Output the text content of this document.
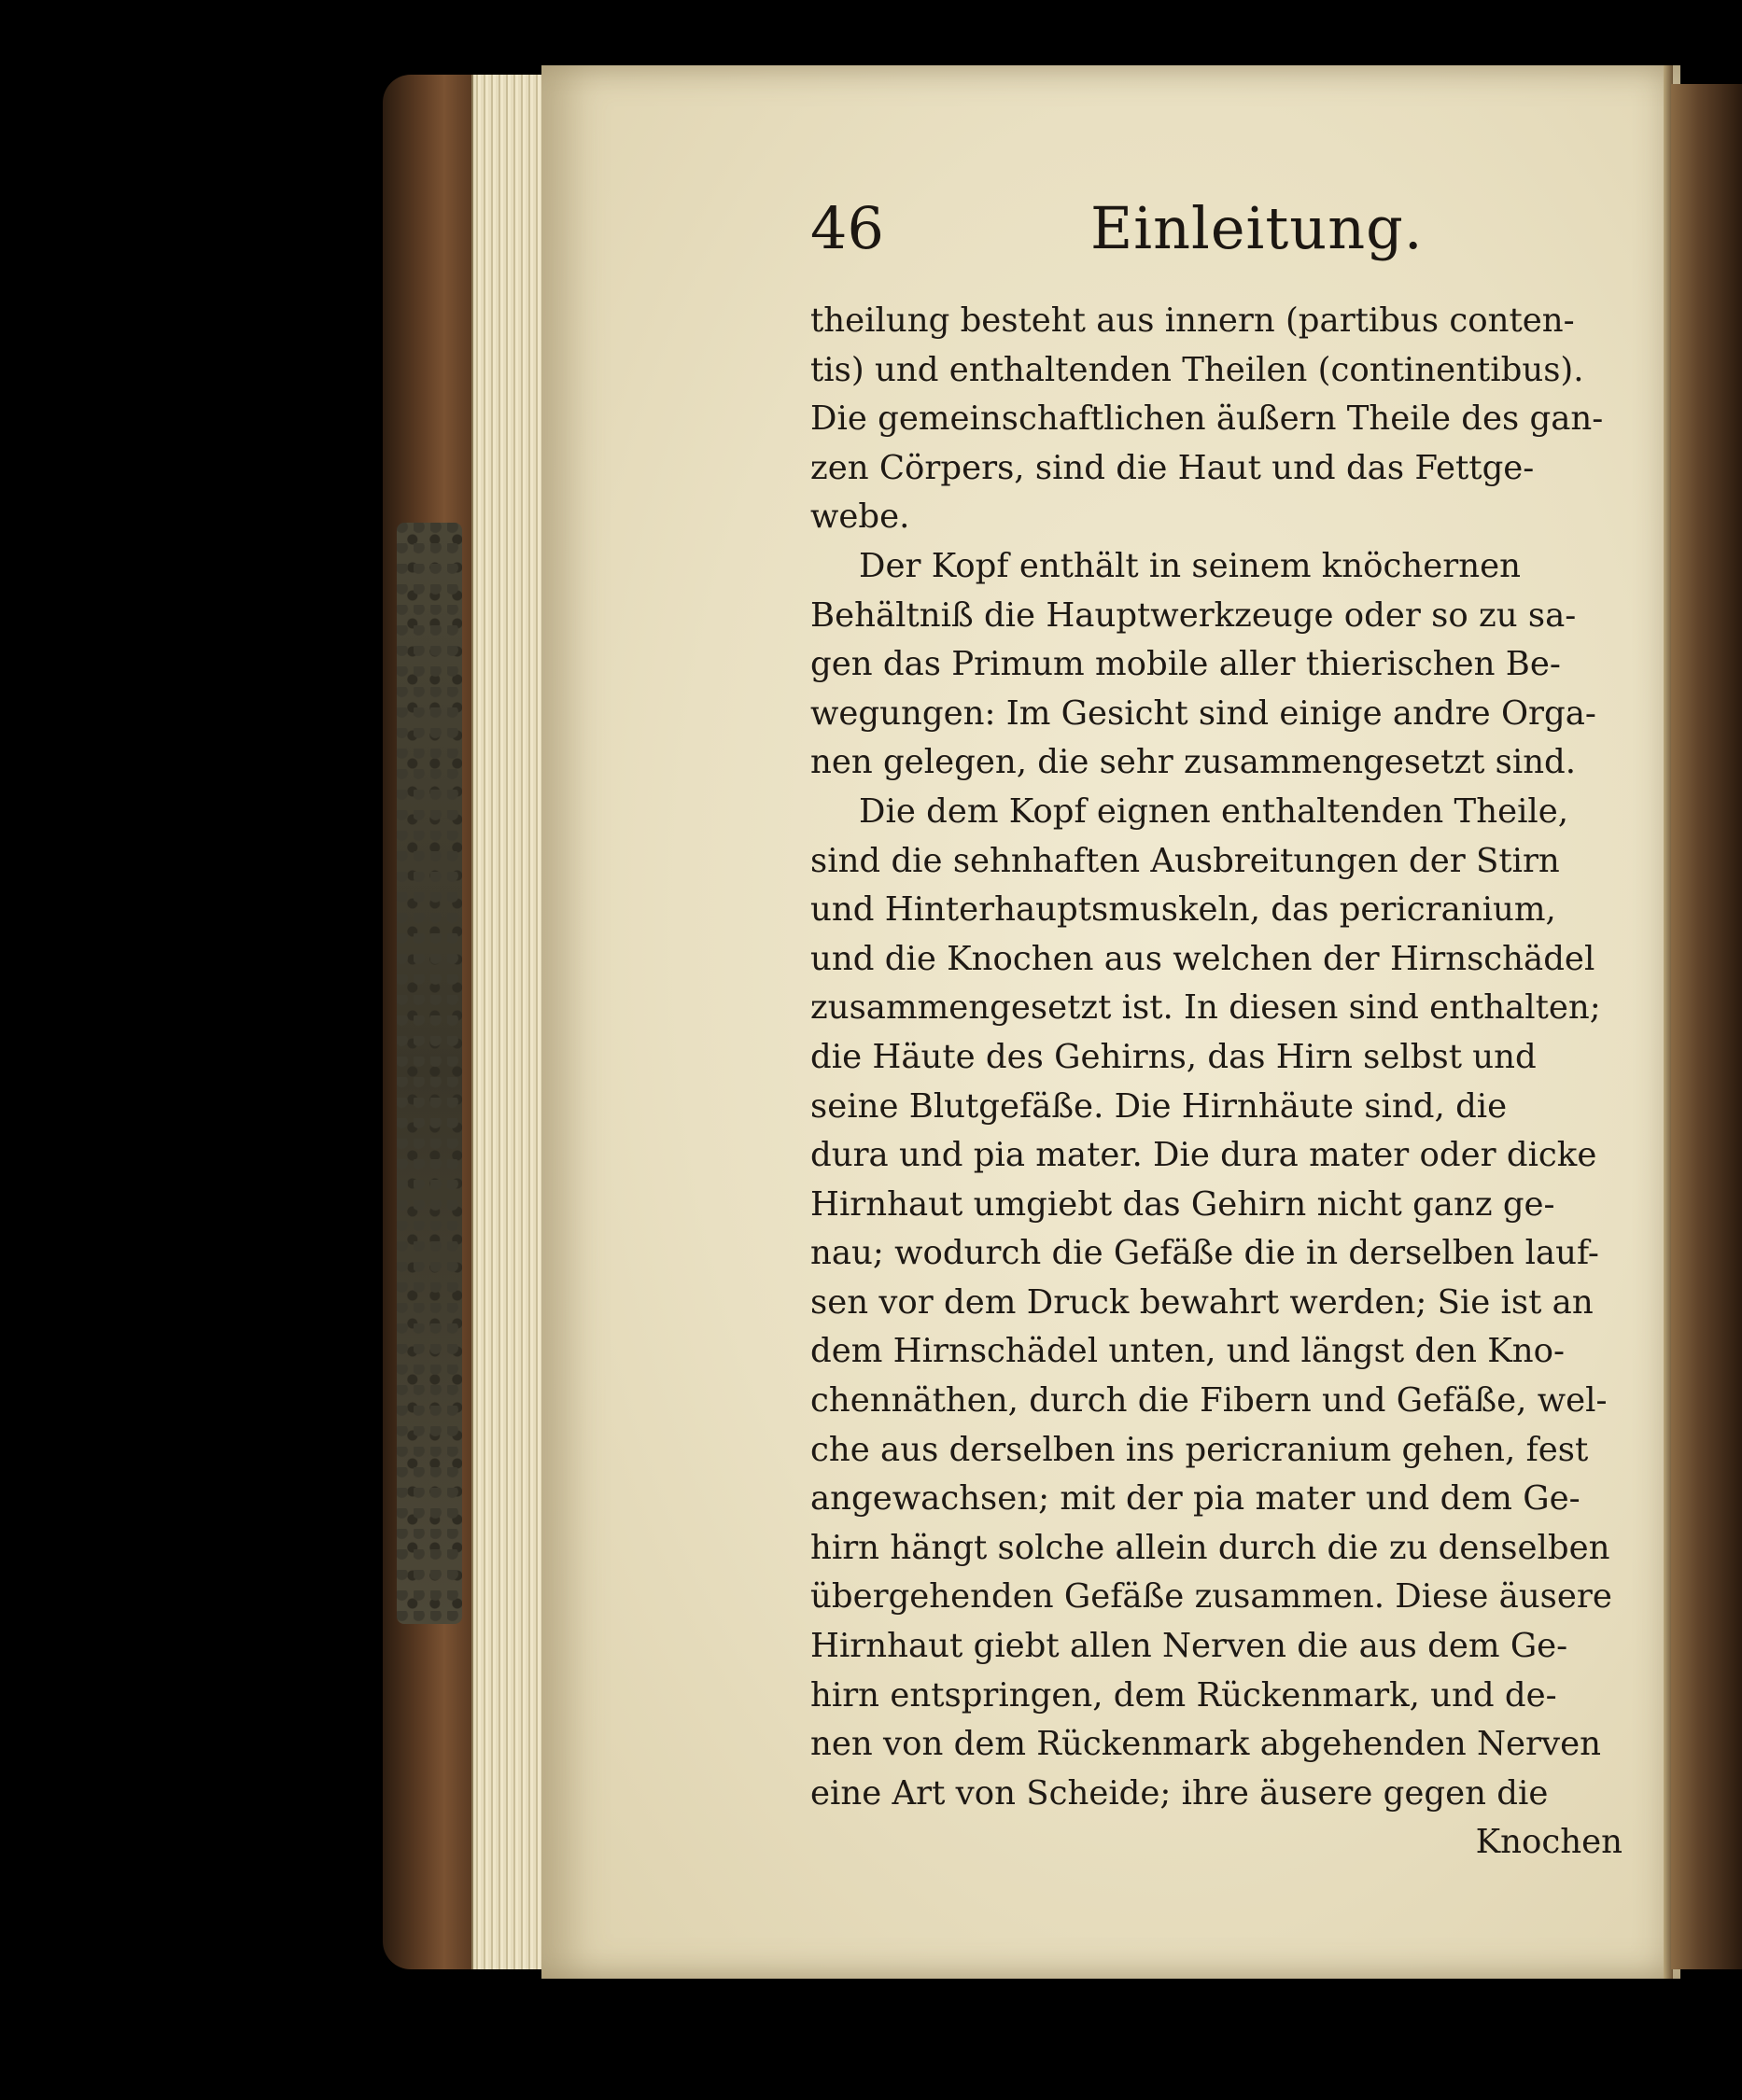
46	Einleitung.
theilung besteht aus innern (partibus conten-
tis) und enthaltenden Theilen (continentibus).
Die gemeinschaftlichen äußern Theile des gan-
zen Cörpers, sind die Haut und das Fettge-
webe.
Der Kopf enthält in seinem knöchernen
Behältniß die Hauptwerkzeuge oder so zu sa-
gen das Primum mobile aller thierischen Be-
wegungen: Im Gesicht sind einige andre Orga-
nen gelegen, die sehr zusammengesetzt sind.
Die dem Kopf eignen enthaltenden Theile,
sind die sehnhaften Ausbreitungen der Stirn
und Hinterhauptsmuskeln, das pericranium,
und die Knochen aus welchen der Hirnschädel
zusammengesetzt ist. In diesen sind enthalten;
die Häute des Gehirns, das Hirn selbst und
seine Blutgefäße. Die Hirnhäute sind, die
dura und pia mater. Die dura mater oder dicke
Hirnhaut umgiebt das Gehirn nicht ganz ge-
nau; wodurch die Gefäße die in derselben lauf-
sen vor dem Druck bewahrt werden; Sie ist an
dem Hirnschädel unten, und längst den Kno-
chennäthen, durch die Fibern und Gefäße, wel-
che aus derselben ins pericranium gehen, fest
angewachsen; mit der pia mater und dem Ge-
hirn hängt solche allein durch die zu denselben
übergehenden Gefäße zusammen. Diese äusere
Hirnhaut giebt allen Nerven die aus dem Ge-
hirn entspringen, dem Rückenmark, und de-
nen von dem Rückenmark abgehenden Nerven
eine Art von Scheide; ihre äusere gegen die
Knochen
